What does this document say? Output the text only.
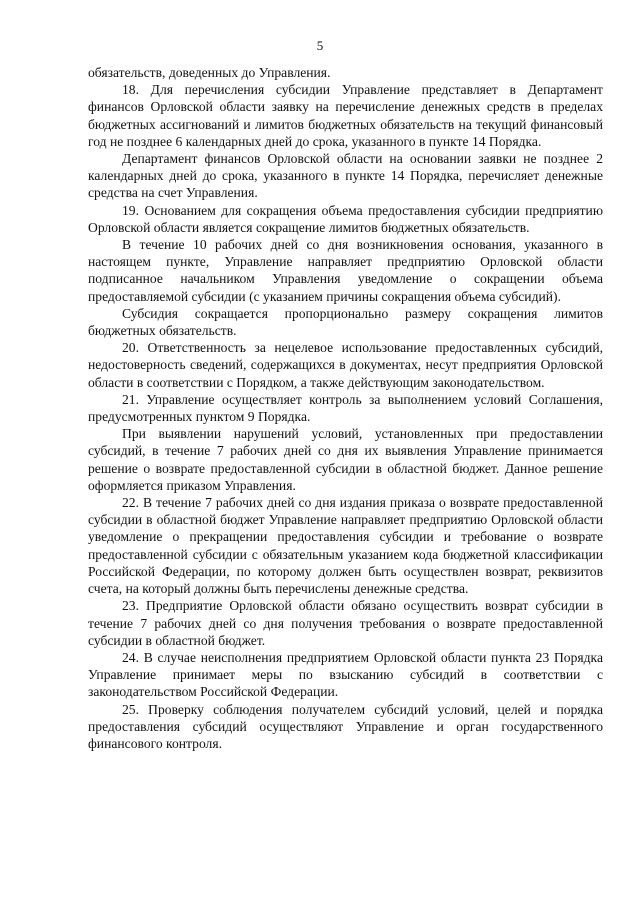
5

обязательств, доведенных до Управления.

18. Для перечисления субсидии Управление представляет в Департамент финансов Орловской области заявку на перечисление денежных средств в пределах бюджетных ассигнований и лимитов бюджетных обязательств на текущий финансовый год не позднее 6 календарных дней до срока, указанного в пункте 14 Порядка.

Департамент финансов Орловской области на основании заявки не позднее 2 календарных дней до срока, указанного в пункте 14 Порядка, перечисляет денежные средства на счет Управления.

19. Основанием для сокращения объема предоставления субсидии предприятию Орловской области является сокращение лимитов бюджетных обязательств.

В течение 10 рабочих дней со дня возникновения основания, указанного в настоящем пункте, Управление направляет предприятию Орловской области подписанное начальником Управления уведомление о сокращении объема предоставляемой субсидии (с указанием причины сокращения объема субсидий).

Субсидия сокращается пропорционально размеру сокращения лимитов бюджетных обязательств.

20. Ответственность за нецелевое использование предоставленных субсидий, недостоверность сведений, содержащихся в документах, несут предприятия Орловской области в соответствии с Порядком, а также действующим законодательством.

21. Управление осуществляет контроль за выполнением условий Соглашения, предусмотренных пунктом 9 Порядка.

При выявлении нарушений условий, установленных при предоставлении субсидий, в течение 7 рабочих дней со дня их выявления Управление принимается решение о возврате предоставленной субсидии в областной бюджет. Данное решение оформляется приказом Управления.

22. В течение 7 рабочих дней со дня издания приказа о возврате предоставленной субсидии в областной бюджет Управление направляет предприятию Орловской области уведомление о прекращении предоставления субсидии и требование о возврате предоставленной субсидии с обязательным указанием кода бюджетной классификации Российской Федерации, по которому должен быть осуществлен возврат, реквизитов счета, на который должны быть перечислены денежные средства.

23. Предприятие Орловской области обязано осуществить возврат субсидии в течение 7 рабочих дней со дня получения требования о возврате предоставленной субсидии в областной бюджет.

24. В случае неисполнения предприятием Орловской области пункта 23 Порядка Управление принимает меры по взысканию субсидий в соответствии с законодательством Российской Федерации.

25. Проверку соблюдения получателем субсидий условий, целей и порядка предоставления субсидий осуществляют Управление и орган государственного финансового контроля.
